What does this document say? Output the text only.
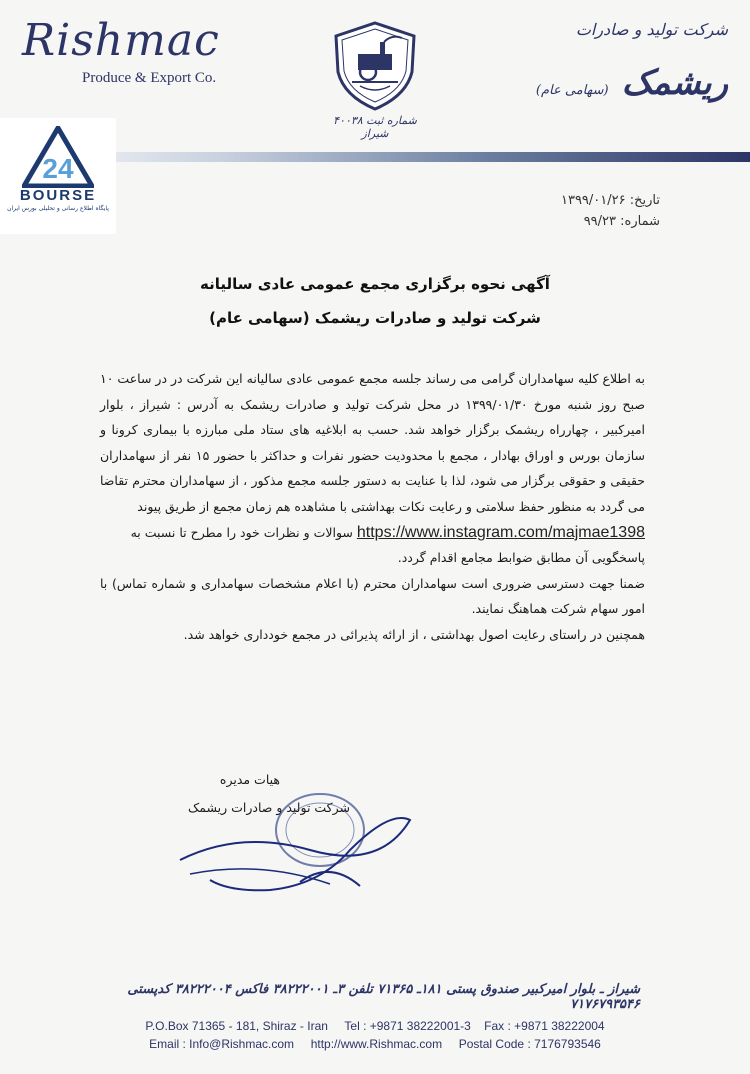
Rishmac
Produce & Export Co.
شماره ثبت ۴۰۰۳۸ شیراز
شرکت تولید و صادرات
ریشمک (سهامی عام)
24
BOURSE
پایگاه اطلاع رسانی و تحلیلی بورس ایران
تاریخ: ۱۳۹۹/۰۱/۲۶
شماره: ۹۹/۲۳
آگهی نحوه برگزاری مجمع عمومی عادی سالیانه
شرکت تولید و صادرات ریشمک (سهامی عام)

به اطلاع کلیه سهامداران گرامی می رساند جلسه مجمع عمومی عادی سالیانه این شرکت در در ساعت ۱۰ صبح روز شنبه مورخ ۱۳۹۹/۰۱/۳۰ در محل شرکت تولید و صادرات ریشمک به آدرس : شیراز ، بلوار امیرکبیر ، چهارراه ریشمک برگزار خواهد شد. حسب به ابلاغیه های ستاد ملی مبارزه با بیماری کرونا و سازمان بورس و اوراق بهادار ، مجمع با محدودیت حضور نفرات و حداکثر با حضور ۱۵ نفر از سهامداران حقیقی و حقوقی برگزار می شود، لذا با عنایت به دستور جلسه مجمع مذکور ، از سهامداران محترم تقاضا می گردد به منظور حفظ سلامتی و رعایت نکات بهداشتی با مشاهده هم زمان مجمع از طریق پیوند

https://www.instagram.com/majmae1398 سوالات و نظرات خود را مطرح تا نسبت به پاسخگویی آن مطابق ضوابط مجامع اقدام گردد.

ضمنا جهت دسترسی ضروری است سهامداران محترم (با اعلام مشخصات سهامداری و شماره تماس) با امور سهام شرکت هماهنگ نمایند.

همچنین در راستای رعایت اصول بهداشتی ، از ارائه پذیرائی در مجمع خودداری خواهد شد.

هیات مدیره
شرکت تولید و صادرات ریشمک
شیراز ـ بلوار امیرکبیر صندوق پستی ۱۸۱ـ ۷۱۳۶۵ تلفن ۳ـ ۳۸۲۲۲۰۰۱ فاکس ۳۸۲۲۲۰۰۴ کدپستی ۷۱۷۶۷۹۳۵۴۶
P.O.Box 71365 - 181, Shiraz - Iran     Tel : +9871 38222001-3    Fax : +9871 38222004
Email : Info@Rishmac.com     http://www.Rishmac.com     Postal Code : 7176793546
